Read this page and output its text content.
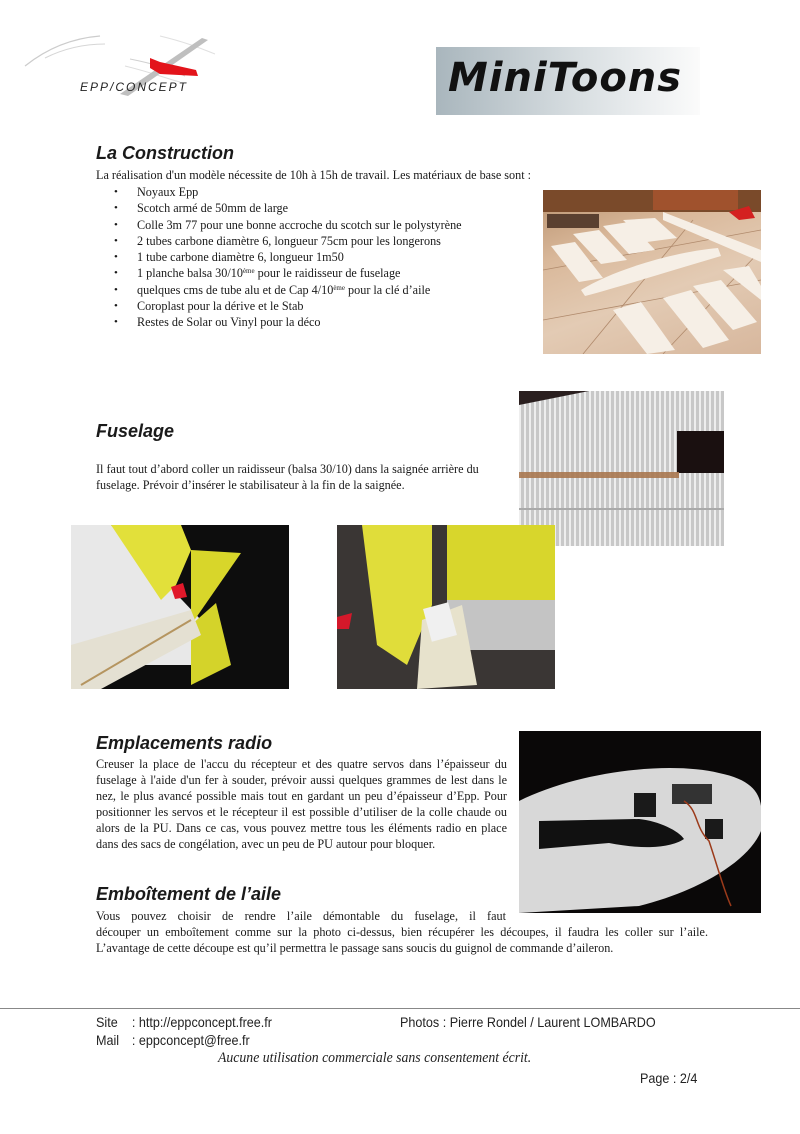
EPP/CONCEPT	MiniToons
La Construction
La réalisation d'un modèle nécessite de 10h à 15h de travail. Les matériaux de base sont :
• Noyaux Epp
• Scotch armé de 50mm de large
• Colle 3m 77 pour une bonne accroche du scotch sur le polystyrène
• 2 tubes carbone diamètre 6, longueur 75cm pour les longerons
• 1 tube carbone diamètre 6, longueur 1m50
• 1 planche balsa 30/10ème pour le raidisseur de fuselage
• quelques cms de tube alu et de Cap 4/10ème pour la clé d’aile
• Coroplast pour la dérive et le Stab
• Restes de Solar ou Vinyl pour la déco
Fuselage
Il faut tout d’abord coller un raidisseur (balsa 30/10) dans la saignée arrière du fuselage. Prévoir d’insérer le stabilisateur à la fin de la saignée.
Emplacements radio
Creuser la place de l'accu du récepteur et des quatre servos dans l’épaisseur du fuselage à l'aide d'un fer à souder, prévoir aussi quelques grammes de lest dans le nez, le plus avancé possible mais tout en gardant un peu d’épaisseur d’Epp. Pour positionner les servos et le récepteur il est possible d’utiliser de la colle chaude ou alors de la PU. Dans ce cas, vous pouvez mettre tous les éléments radio en place dans des sacs de congélation, avec un peu de PU autour pour bloquer.
Emboîtement de l’aile
Vous pouvez choisir de rendre l’aile démontable du fuselage, il faut
découper un emboîtement comme sur la photo ci-dessus, bien récupérer les découpes, il faudra les coller sur l’aile. L’avantage de cette découpe est qu’il permettra le passage sans soucis du guignol de commande d’aileron.
Site : http://eppconcept.free.fr	Photos : Pierre Rondel / Laurent LOMBARDO
Mail : eppconcept@free.fr
Aucune utilisation commerciale sans consentement écrit.
Page : 2/4
